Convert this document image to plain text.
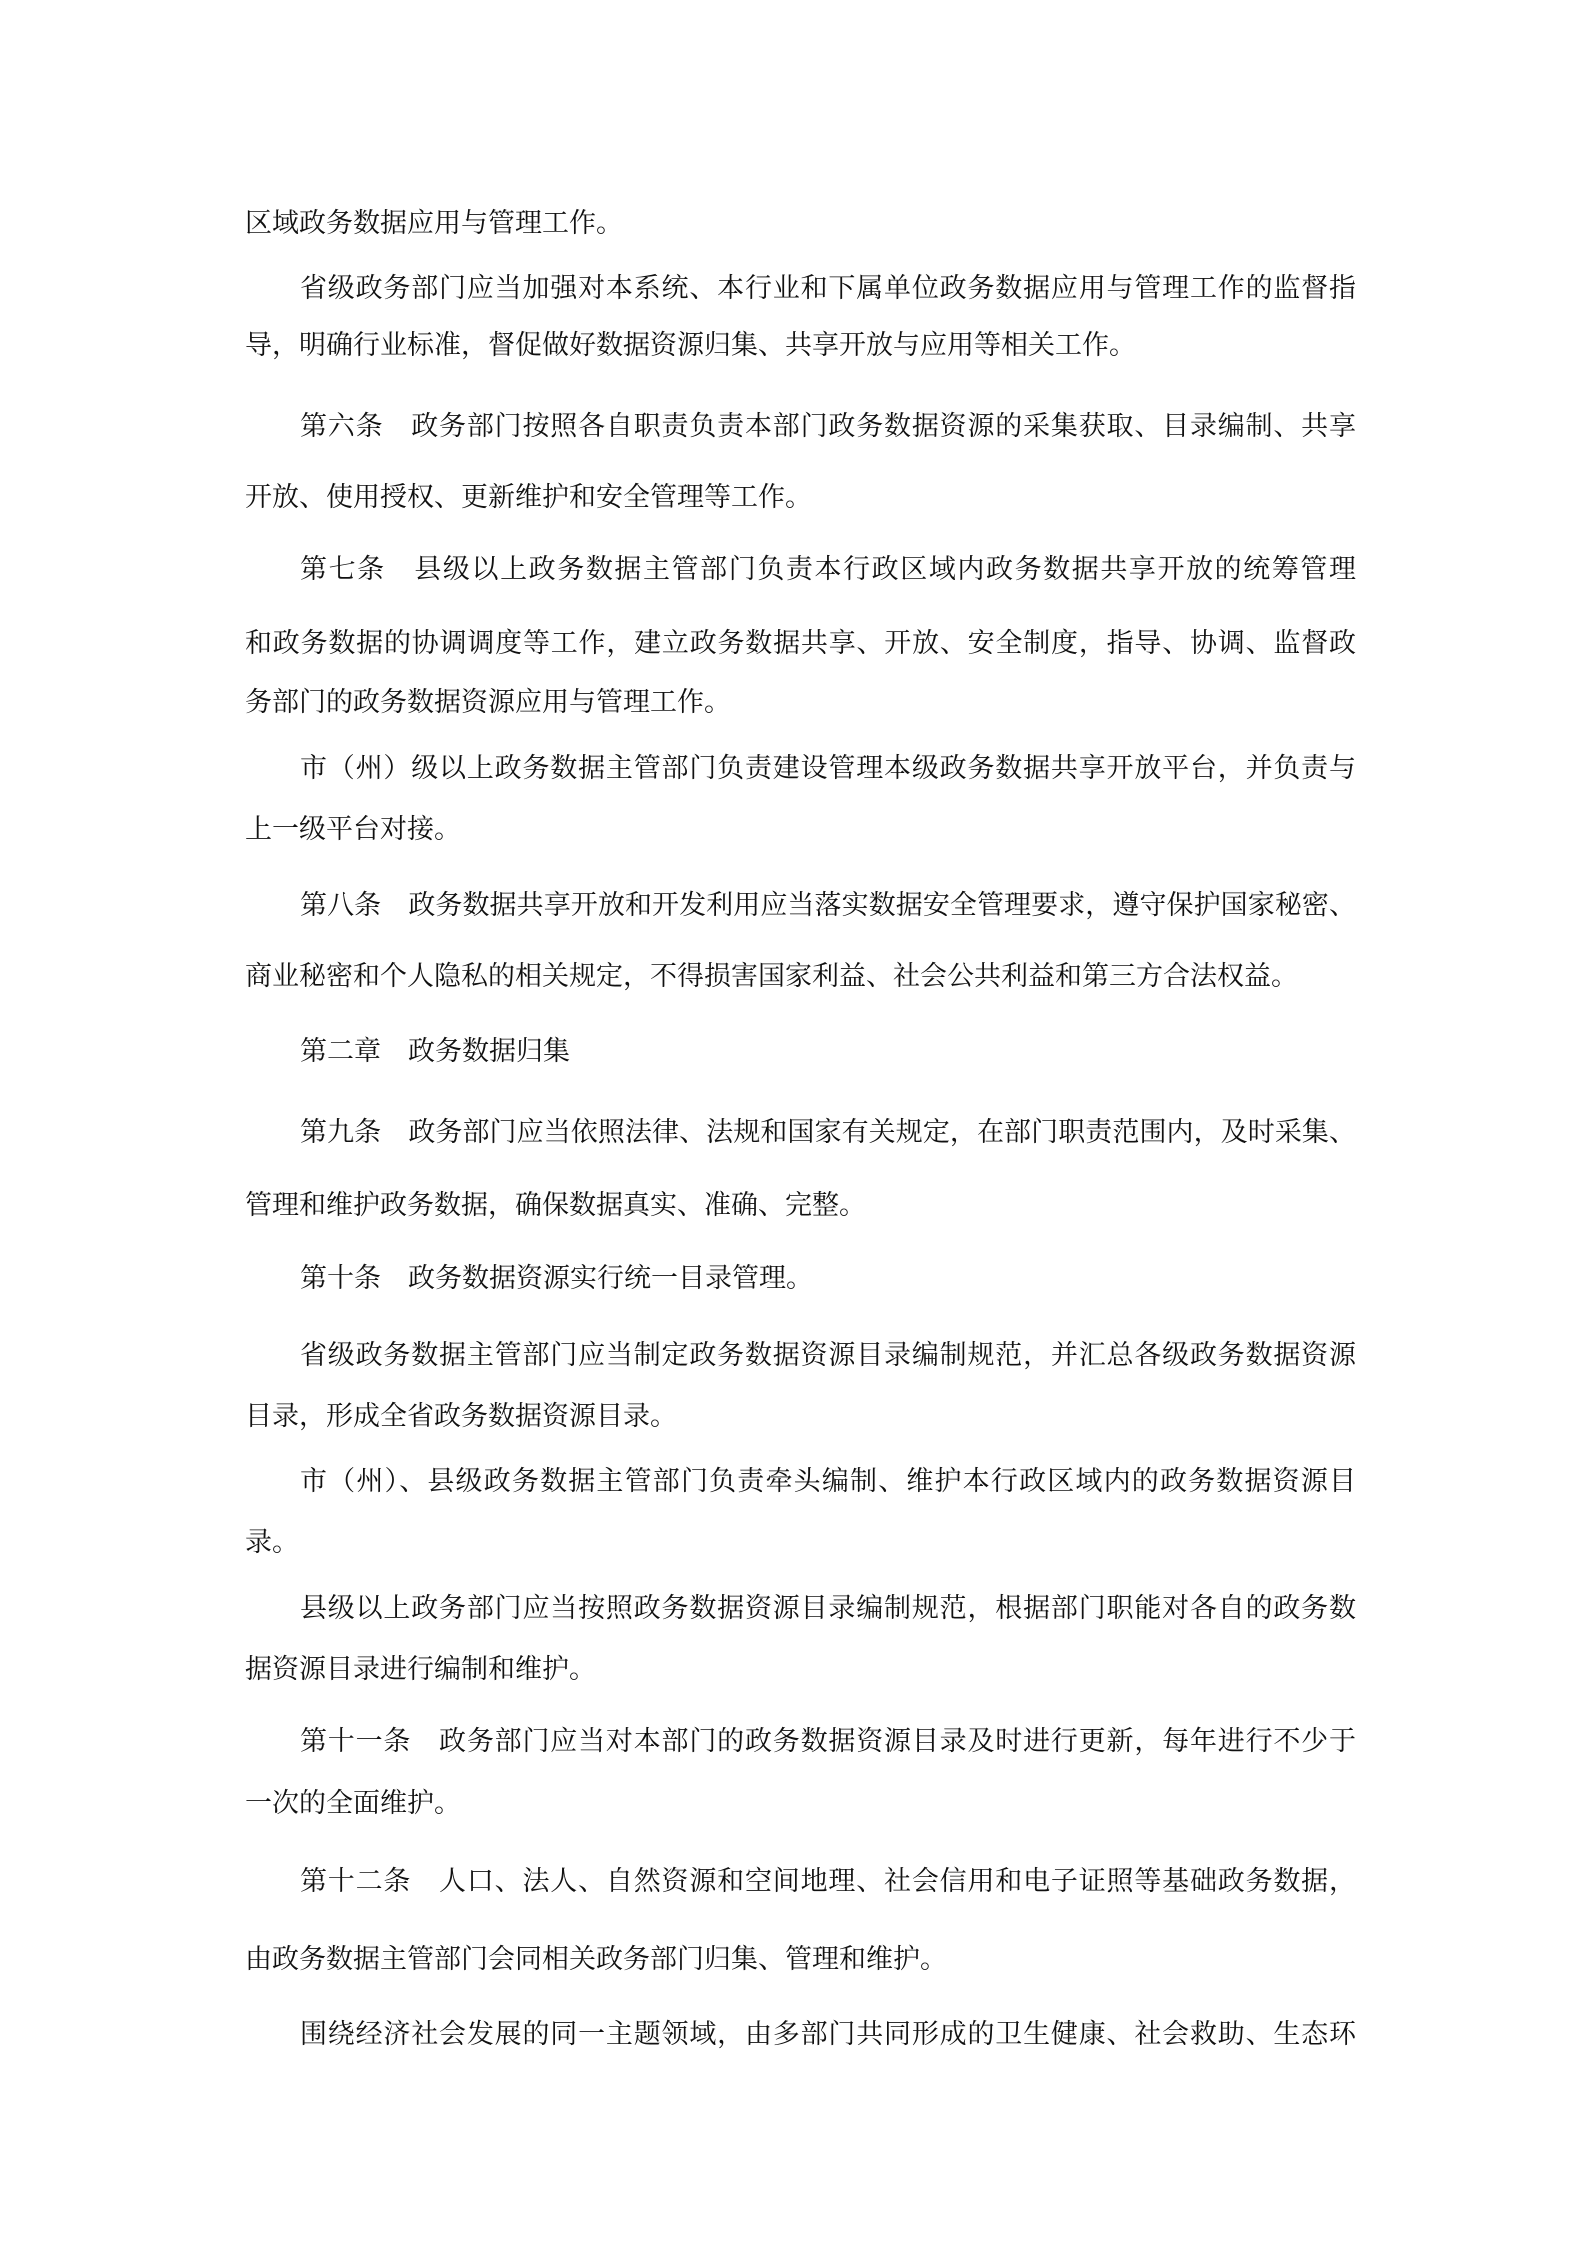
区域政务数据应用与管理工作。
省级政务部门应当加强对本系统、本行业和下属单位政务数据应用与管理工作的监督指
导，明确行业标准，督促做好数据资源归集、共享开放与应用等相关工作。
第六条　政务部门按照各自职责负责本部门政务数据资源的采集获取、目录编制、共享
开放、使用授权、更新维护和安全管理等工作。
第七条　县级以上政务数据主管部门负责本行政区域内政务数据共享开放的统筹管理
和政务数据的协调调度等工作，建立政务数据共享、开放、安全制度，指导、协调、监督政
务部门的政务数据资源应用与管理工作。
市（州）级以上政务数据主管部门负责建设管理本级政务数据共享开放平台，并负责与
上一级平台对接。
第八条　政务数据共享开放和开发利用应当落实数据安全管理要求，遵守保护国家秘密、
商业秘密和个人隐私的相关规定，不得损害国家利益、社会公共利益和第三方合法权益。
第二章　政务数据归集
第九条　政务部门应当依照法律、法规和国家有关规定，在部门职责范围内，及时采集、
管理和维护政务数据，确保数据真实、准确、完整。
第十条　政务数据资源实行统一目录管理。
省级政务数据主管部门应当制定政务数据资源目录编制规范，并汇总各级政务数据资源
目录，形成全省政务数据资源目录。
市（州）、县级政务数据主管部门负责牵头编制、维护本行政区域内的政务数据资源目
录。
县级以上政务部门应当按照政务数据资源目录编制规范，根据部门职能对各自的政务数
据资源目录进行编制和维护。
第十一条　政务部门应当对本部门的政务数据资源目录及时进行更新，每年进行不少于
一次的全面维护。
第十二条　人口、法人、自然资源和空间地理、社会信用和电子证照等基础政务数据，
由政务数据主管部门会同相关政务部门归集、管理和维护。
围绕经济社会发展的同一主题领域，由多部门共同形成的卫生健康、社会救助、生态环
